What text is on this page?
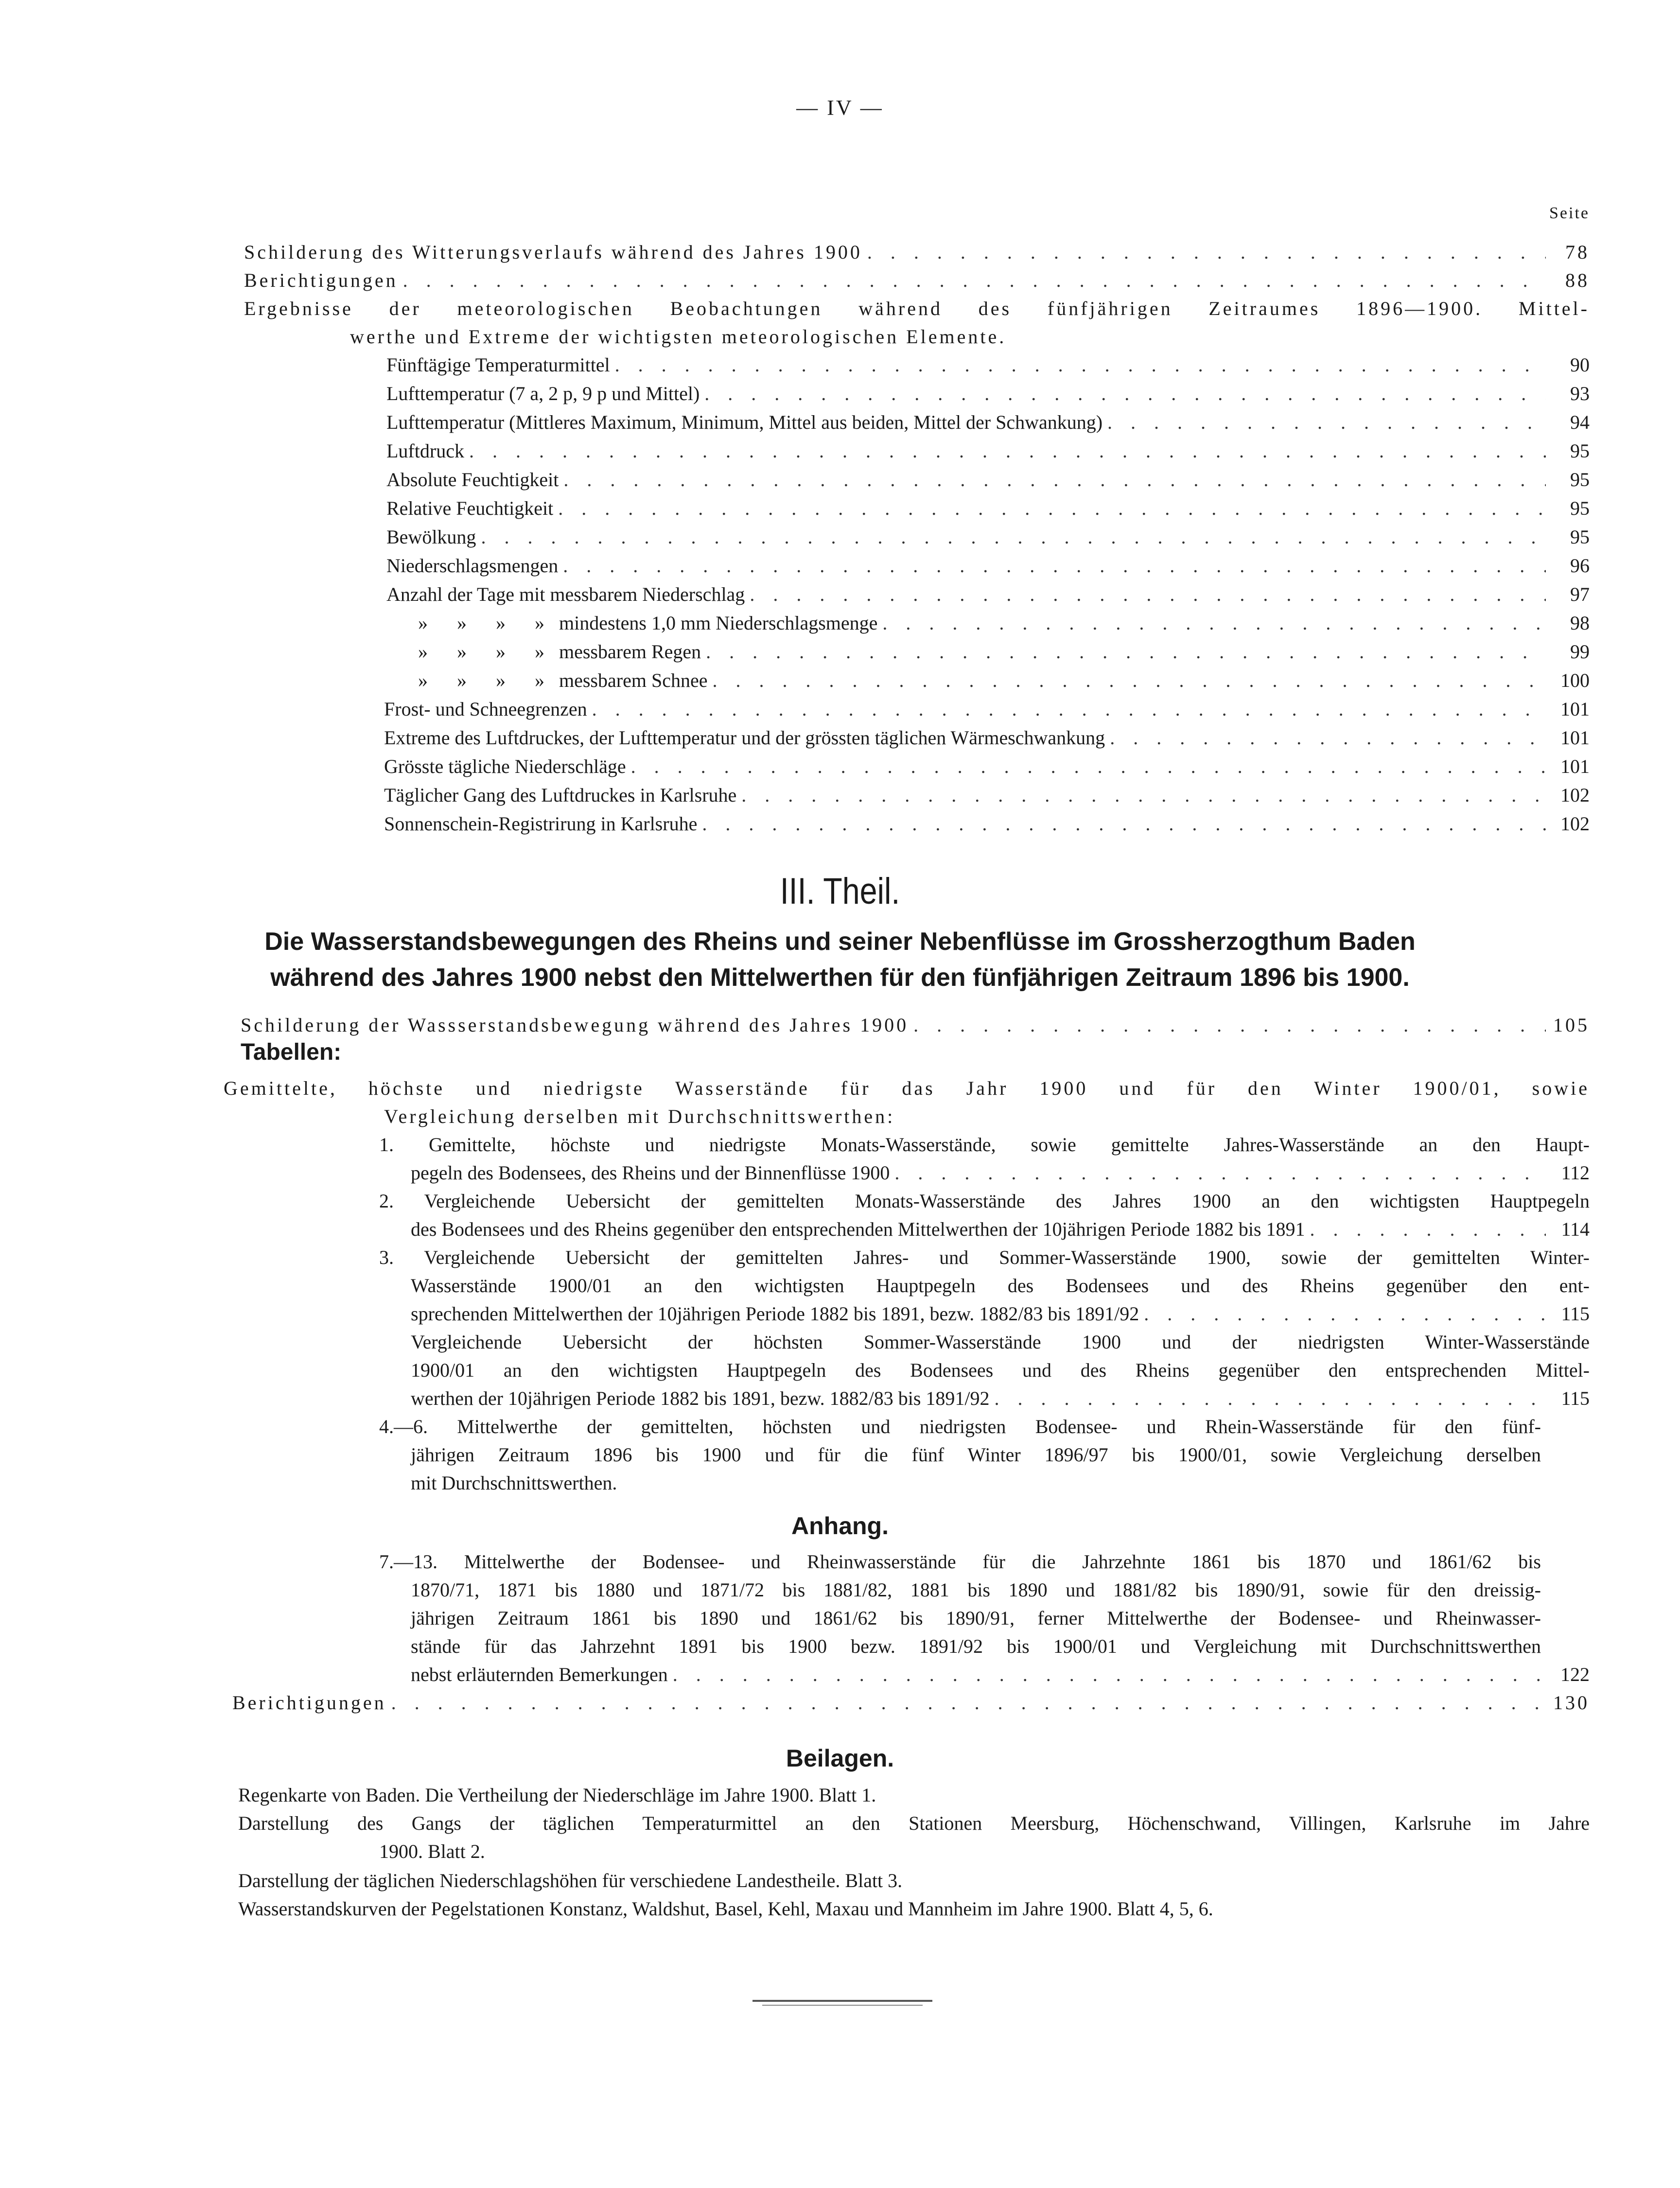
— IV —
Seite
Schilderung des Witterungsverlaufs während des Jahres 1900 . . .	78
Berichtigungen . . .	88
Ergebnisse der meteorologischen Beobachtungen während des fünfjährigen Zeitraumes 1896—1900. Mittel-
werthe und Extreme der wichtigsten meteorologischen Elemente.
Fünftägige Temperaturmittel . . .	90
Lufttemperatur (7 a, 2 p, 9 p und Mittel) . . .	93
Lufttemperatur (Mittleres Maximum, Minimum, Mittel aus beiden, Mittel der Schwankung) . . .	94
Luftdruck . . .	95
Absolute Feuchtigkeit . . .	95
Relative Feuchtigkeit . . .	95
Bewölkung . . .	95
Niederschlagsmengen . . .	96
Anzahl der Tage mit messbarem Niederschlag . . .	97
»      »      »      »   mindestens 1,0 mm Niederschlagsmenge . . .	98
»      »      »      »   messbarem Regen . . .	99
»      »      »      »   messbarem Schnee . . .	100
Frost- und Schneegrenzen . . .	101
Extreme des Luftdruckes, der Lufttemperatur und der grössten täglichen Wärmeschwankung . . .	101
Grösste tägliche Niederschläge . . .	101
Täglicher Gang des Luftdruckes in Karlsruhe . . .	102
Sonnenschein-Registrirung in Karlsruhe . . .	102
III. Theil.
Die Wasserstandsbewegungen des Rheins und seiner Nebenflüsse im Grossherzogthum Baden
während des Jahres 1900 nebst den Mittelwerthen für den fünfjährigen Zeitraum 1896 bis 1900.
Schilderung der Wassserstandsbewegung während des Jahres 1900 . . .	105
Tabellen:
Gemittelte, höchste und niedrigste Wasserstände für das Jahr 1900 und für den Winter 1900/01, sowie
Vergleichung derselben mit Durchschnittswerthen:
1. Gemittelte, höchste und niedrigste Monats-Wasserstände, sowie gemittelte Jahres-Wasserstände an den Haupt-
pegeln des Bodensees, des Rheins und der Binnenflüsse 1900 . . .	112
2. Vergleichende Uebersicht der gemittelten Monats-Wasserstände des Jahres 1900 an den wichtigsten Hauptpegeln
des Bodensees und des Rheins gegenüber den entsprechenden Mittelwerthen der 10jährigen Periode 1882 bis 1891 . . .	114
3. Vergleichende Uebersicht der gemittelten Jahres- und Sommer-Wasserstände 1900, sowie der gemittelten Winter-
Wasserstände 1900/01 an den wichtigsten Hauptpegeln des Bodensees und des Rheins gegenüber den ent-
sprechenden Mittelwerthen der 10jährigen Periode 1882 bis 1891, bezw. 1882/83 bis 1891/92 . . .	115
Vergleichende Uebersicht der höchsten Sommer-Wasserstände 1900 und der niedrigsten Winter-Wasserstände
1900/01 an den wichtigsten Hauptpegeln des Bodensees und des Rheins gegenüber den entsprechenden Mittel-
werthen der 10jährigen Periode 1882 bis 1891, bezw. 1882/83 bis 1891/92 . . .	115
4.—6. Mittelwerthe der gemittelten, höchsten und niedrigsten Bodensee- und Rhein-Wasserstände für den fünf-
jährigen Zeitraum 1896 bis 1900 und für die fünf Winter 1896/97 bis 1900/01, sowie Vergleichung derselben
mit Durchschnittswerthen.
Anhang.
7.—13. Mittelwerthe der Bodensee- und Rheinwasserstände für die Jahrzehnte 1861 bis 1870 und 1861/62 bis
1870/71, 1871 bis 1880 und 1871/72 bis 1881/82, 1881 bis 1890 und 1881/82 bis 1890/91, sowie für den dreissig-
jährigen Zeitraum 1861 bis 1890 und 1861/62 bis 1890/91, ferner Mittelwerthe der Bodensee- und Rheinwasser-
stände für das Jahrzehnt 1891 bis 1900 bezw. 1891/92 bis 1900/01 und Vergleichung mit Durchschnittswerthen
nebst erläuternden Bemerkungen . . .	122
Berichtigungen . . .	130
Beilagen.
Regenkarte von Baden. Die Vertheilung der Niederschläge im Jahre 1900. Blatt 1.
Darstellung des Gangs der täglichen Temperaturmittel an den Stationen Meersburg, Höchenschwand, Villingen, Karlsruhe im Jahre
1900. Blatt 2.
Darstellung der täglichen Niederschlagshöhen für verschiedene Landestheile. Blatt 3.
Wasserstandskurven der Pegelstationen Konstanz, Waldshut, Basel, Kehl, Maxau und Mannheim im Jahre 1900. Blatt 4, 5, 6.
